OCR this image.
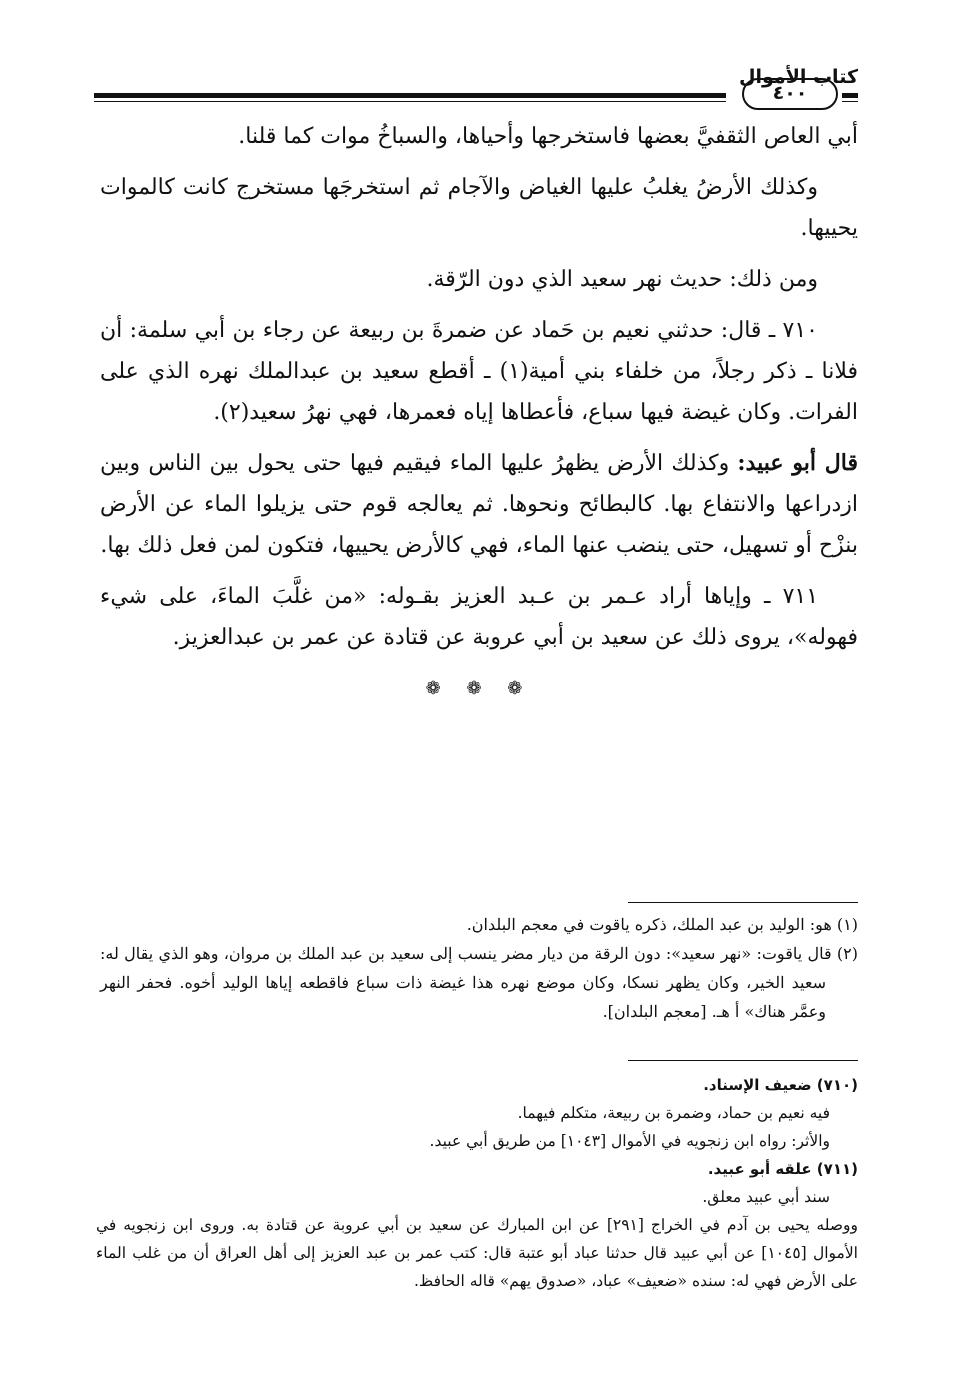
٤٠٠
كتاب الأموال

أبي العاص الثقفيَّ بعضها فاستخرجها وأحياها، والسباخُ موات كما قلنا.

وكذلك الأرضُ يغلبُ عليها الغياض والآجام ثم استخرجَها مستخرج كانت كالموات يحييها.

ومن ذلك: حديث نهر سعيد الذي دون الرّقة.

٧١٠ ـ قال: حدثني نعيم بن حَماد عن ضمرةَ بن ربيعة عن رجاء بن أبي سلمة: أن فلانا ـ ذكر رجلاً، من خلفاء بني أمية(١) ـ أقطع سعيد بن عبدالملك نهره الذي على الفرات. وكان غيضة فيها سباع، فأعطاها إياه فعمرها، فهي نهرُ سعيد(٢).

قال أبو عبيد: وكذلك الأرض يظهرُ عليها الماء فيقيم فيها حتى يحول بين الناس وبين ازدراعها والانتفاع بها. كالبطائح ونحوها. ثم يعالجه قوم حتى يزيلوا الماء عن الأرض بنزْح أو تسهيل، حتى ينضب عنها الماء، فهي كالأرض يحييها، فتكون لمن فعل ذلك بها.

٧١١ ـ وإياها أراد عـمر بن عـبد العزيز بقـوله: «من غلَّبَ الماءَ، على شيء فهوله»، يروى ذلك عن سعيد بن أبي عروبة عن قتادة عن عمر بن عبدالعزيز.

❁ ❁ ❁

(١) هو: الوليد بن عبد الملك، ذكره ياقوت في معجم البلدان.

(٢) قال ياقوت: «نهر سعيد»: دون الرقة من ديار مضر ينسب إلى سعيد بن عبد الملك بن مروان، وهو الذي يقال له: سعيد الخير، وكان يظهر نسكا، وكان موضع نهره هذا غيضة ذات سباع فاقطعه إياها الوليد أخوه. فحفر النهر وعمَّر هناك» أ هـ. [معجم البلدان].

(٧١٠) ضعيف الإسناد.

فيه نعيم بن حماد، وضمرة بن ربيعة، متكلم فيهما.

والأثر: رواه ابن زنجويه في الأموال [١٠٤٣] من طريق أبي عبيد.

(٧١١) علقه أبو عبيد.

سند أبي عبيد معلق.

ووصله يحيى بن آدم في الخراج [٢٩١] عن ابن المبارك عن سعيد بن أبي عروبة عن قتادة به. وروى ابن زنجويه في الأموال [١٠٤٥] عن أبي عبيد قال حدثنا عباد أبو عتبة قال: كتب عمر بن عبد العزيز إلى أهل العراق أن من غلب الماء على الأرض فهي له: سنده «ضعيف» عباد، «صدوق يهم» قاله الحافظ.
